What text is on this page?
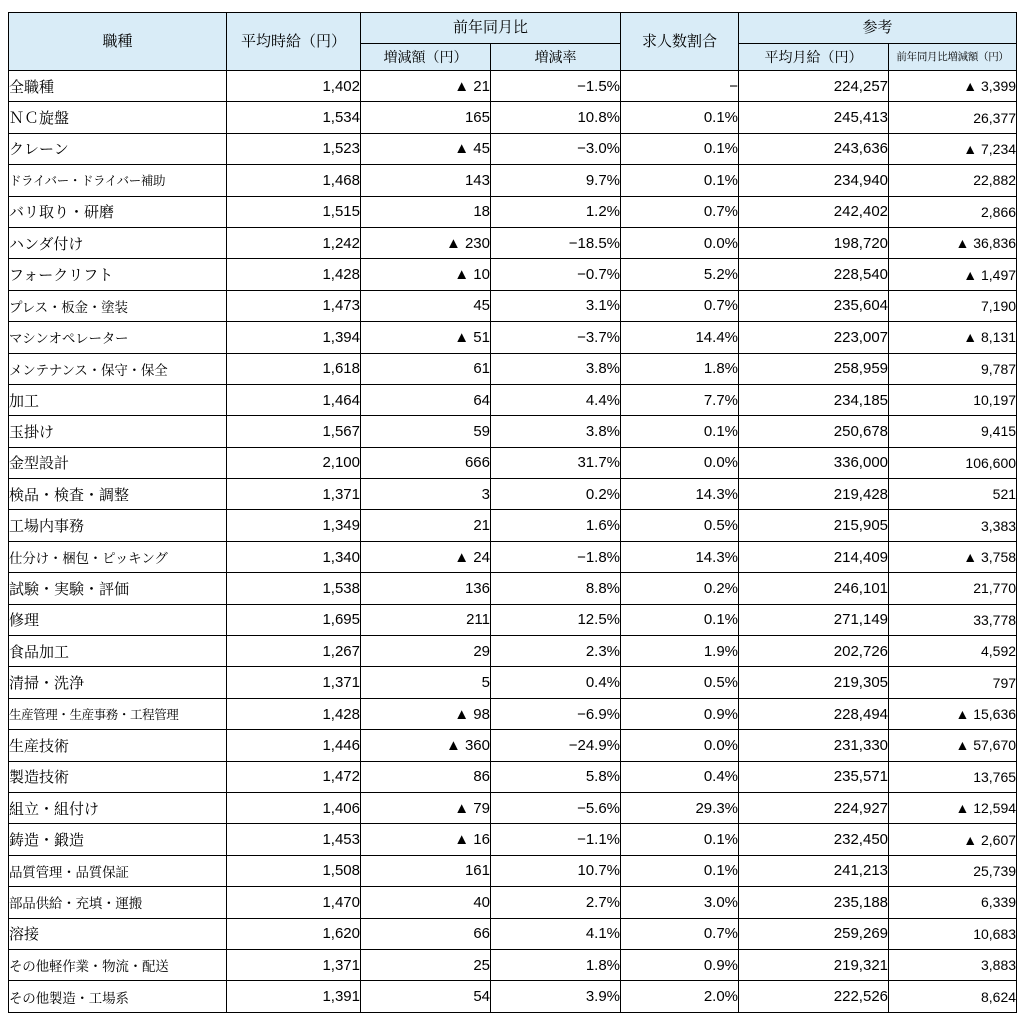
職種	平均時給（円）	前年同月比		求人数割合	参考	
		増減額（円）	増減率		平均月給（円）	前年同月比増減額（円）
全職種	1,402	▲ 21	−1.5%	−	224,257	▲ 3,399
ＮＣ旋盤	1,534	165	10.8%	0.1%	245,413	26,377
クレーン	1,523	▲ 45	−3.0%	0.1%	243,636	▲ 7,234
ドライバー・ドライバー補助	1,468	143	9.7%	0.1%	234,940	22,882
バリ取り・研磨	1,515	18	1.2%	0.7%	242,402	2,866
ハンダ付け	1,242	▲ 230	−18.5%	0.0%	198,720	▲ 36,836
フォークリフト	1,428	▲ 10	−0.7%	5.2%	228,540	▲ 1,497
プレス・板金・塗装	1,473	45	3.1%	0.7%	235,604	7,190
マシンオペレーター	1,394	▲ 51	−3.7%	14.4%	223,007	▲ 8,131
メンテナンス・保守・保全	1,618	61	3.8%	1.8%	258,959	9,787
加工	1,464	64	4.4%	7.7%	234,185	10,197
玉掛け	1,567	59	3.8%	0.1%	250,678	9,415
金型設計	2,100	666	31.7%	0.0%	336,000	106,600
検品・検査・調整	1,371	3	0.2%	14.3%	219,428	521
工場内事務	1,349	21	1.6%	0.5%	215,905	3,383
仕分け・梱包・ピッキング	1,340	▲ 24	−1.8%	14.3%	214,409	▲ 3,758
試験・実験・評価	1,538	136	8.8%	0.2%	246,101	21,770
修理	1,695	211	12.5%	0.1%	271,149	33,778
食品加工	1,267	29	2.3%	1.9%	202,726	4,592
清掃・洗浄	1,371	5	0.4%	0.5%	219,305	797
生産管理・生産事務・工程管理	1,428	▲ 98	−6.9%	0.9%	228,494	▲ 15,636
生産技術	1,446	▲ 360	−24.9%	0.0%	231,330	▲ 57,670
製造技術	1,472	86	5.8%	0.4%	235,571	13,765
組立・組付け	1,406	▲ 79	−5.6%	29.3%	224,927	▲ 12,594
鋳造・鍛造	1,453	▲ 16	−1.1%	0.1%	232,450	▲ 2,607
品質管理・品質保証	1,508	161	10.7%	0.1%	241,213	25,739
部品供給・充填・運搬	1,470	40	2.7%	3.0%	235,188	6,339
溶接	1,620	66	4.1%	0.7%	259,269	10,683
その他軽作業・物流・配送	1,371	25	1.8%	0.9%	219,321	3,883
その他製造・工場系	1,391	54	3.9%	2.0%	222,526	8,624
